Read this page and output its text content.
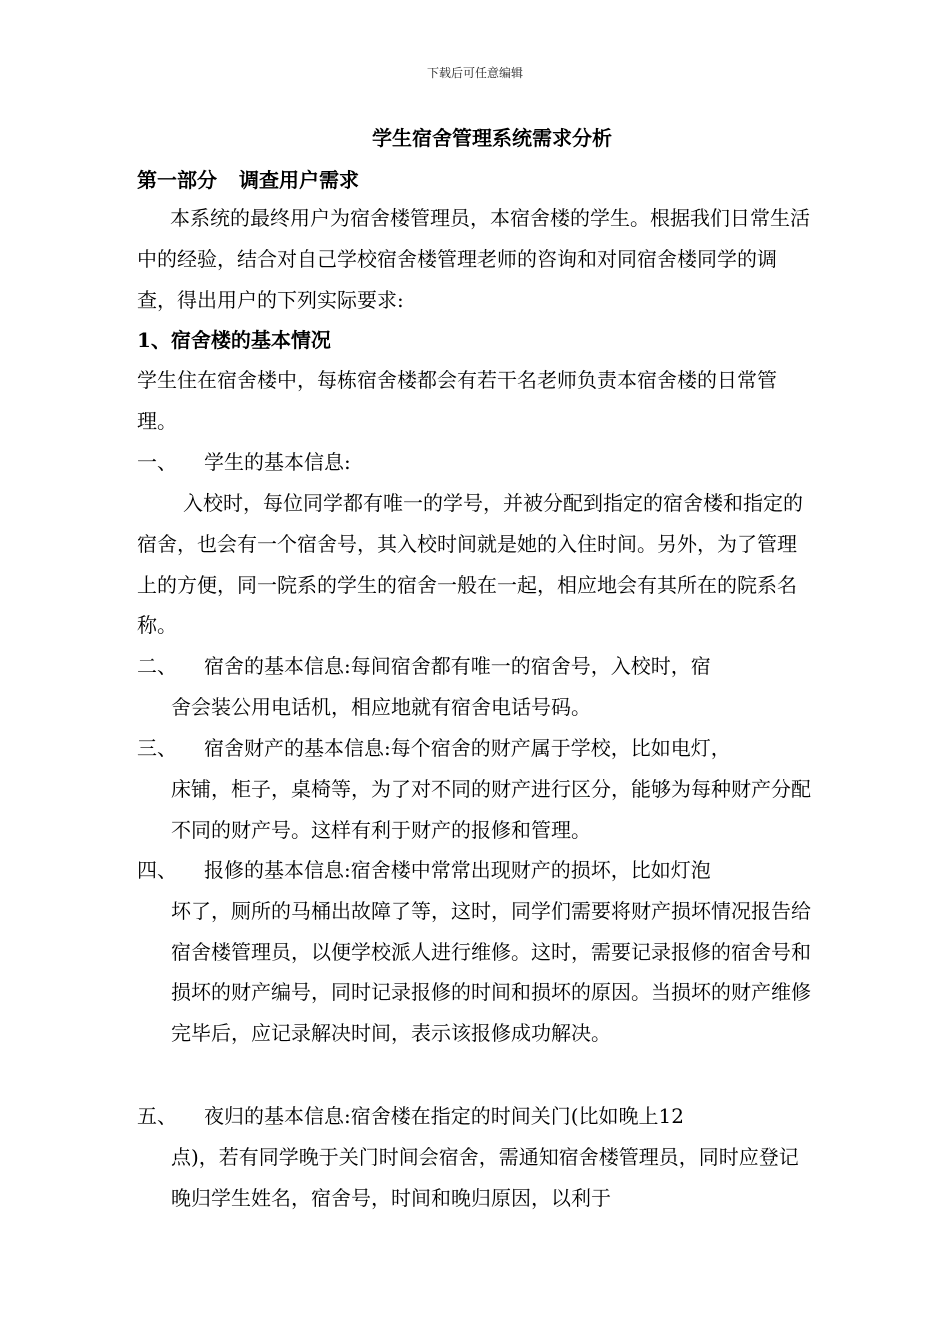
下载后可任意编辑
学生宿舍管理系统需求分析
第一部分 调查用户需求
本系统的最终用户为宿舍楼管理员，本宿舍楼的学生。根据我们日常生活中的经验，结合对自己学校宿舍楼管理老师的咨询和对同宿舍楼同学的调查，得出用户的下列实际要求:
1、宿舍楼的基本情况
学生住在宿舍楼中，每栋宿舍楼都会有若干名老师负责本宿舍楼的日常管理。
一、	学生的基本信息:
入校时，每位同学都有唯一的学号，并被分配到指定的宿舍楼和指定的宿舍，也会有一个宿舍号，其入校时间就是她的入住时间。另外，为了管理上的方便，同一院系的学生的宿舍一般在一起，相应地会有其所在的院系名称。
二、	宿舍的基本信息:每间宿舍都有唯一的宿舍号，入校时，宿
舍会装公用电话机，相应地就有宿舍电话号码。
三、	宿舍财产的基本信息:每个宿舍的财产属于学校，比如电灯，
床铺，柜子，桌椅等，为了对不同的财产进行区分，能够为每种财产分配不同的财产号。这样有利于财产的报修和管理。
四、	报修的基本信息:宿舍楼中常常出现财产的损坏，比如灯泡
坏了，厕所的马桶出故障了等，这时，同学们需要将财产损坏情况报告给宿舍楼管理员，以便学校派人进行维修。这时，需要记录报修的宿舍号和损坏的财产编号，同时记录报修的时间和损坏的原因。当损坏的财产维修完毕后，应记录解决时间，表示该报修成功解决。
五、	夜归的基本信息:宿舍楼在指定的时间关门(比如晚上12
点)，若有同学晚于关门时间会宿舍，需通知宿舍楼管理员，同时应登记晚归学生姓名，宿舍号，时间和晚归原因，以利于
